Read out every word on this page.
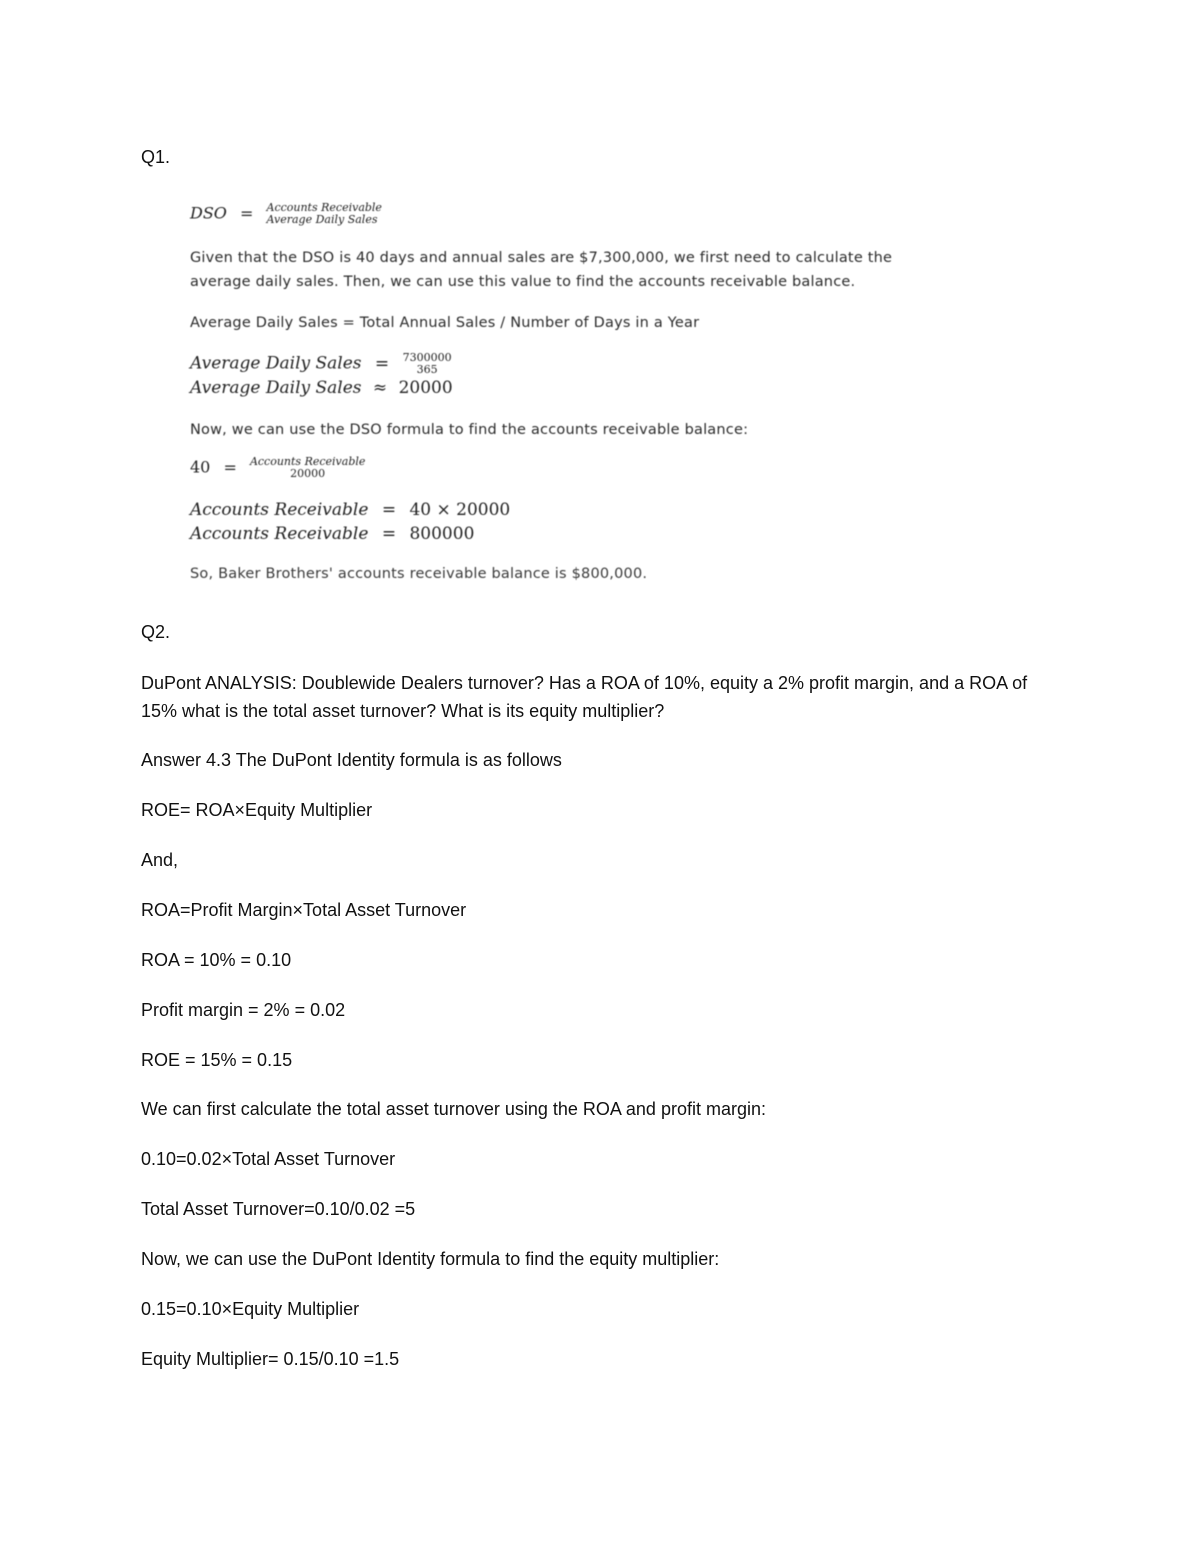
Q1.
DSO = Accounts Receivable
Average Daily Sales
Given that the DSO is 40 days and annual sales are $7,300,000, we first need to calculate the
average daily sales. Then, we can use this value to find the accounts receivable balance.
Average Daily Sales = Total Annual Sales / Number of Days in a Year
Average Daily Sales = 7300000
365
Average Daily Sales ≈ 20000
Now, we can use the DSO formula to find the accounts receivable balance:
40 = Accounts Receivable
20000
Accounts Receivable = 40 × 20000
Accounts Receivable = 800000
So, Baker Brothers' accounts receivable balance is $800,000.
Q2.
DuPont ANALYSIS: Doublewide Dealers turnover? Has a ROA of 10%, equity a 2% profit margin, and a ROA of 15% what is the total asset turnover? What is its equity multiplier?
Answer 4.3 The DuPont Identity formula is as follows
ROE= ROA×Equity Multiplier
And,
ROA=Profit Margin×Total Asset Turnover
ROA = 10% = 0.10
Profit margin = 2% = 0.02
ROE = 15% = 0.15
We can first calculate the total asset turnover using the ROA and profit margin:
0.10=0.02×Total Asset Turnover
Total Asset Turnover=0.10/0.02 =5
Now, we can use the DuPont Identity formula to find the equity multiplier:
0.15=0.10×Equity Multiplier
Equity Multiplier= 0.15/0.10 =1.5
